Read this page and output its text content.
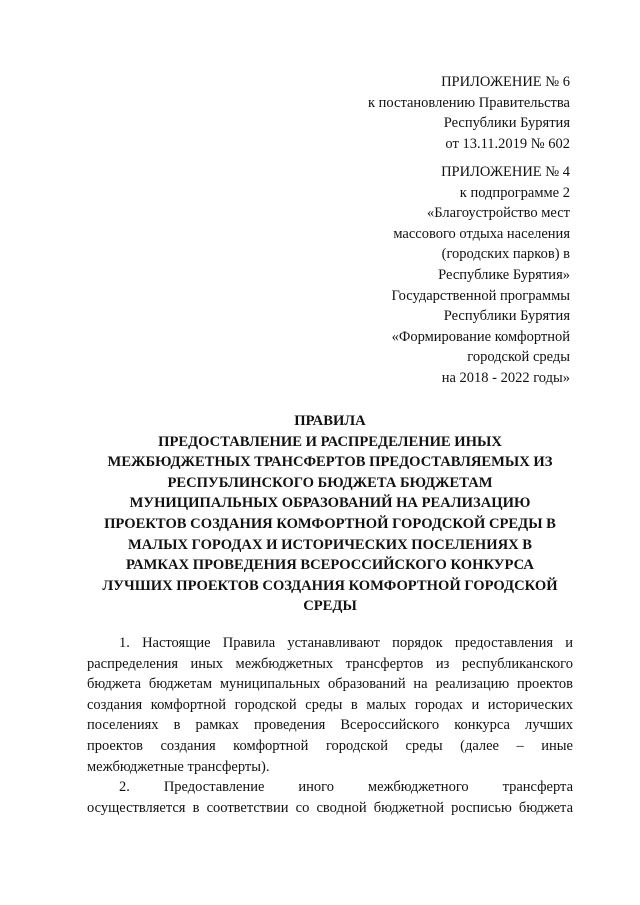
ПРИЛОЖЕНИЕ № 6
к постановлению Правительства
Республики Бурятия
от 13.11.2019 № 602
ПРИЛОЖЕНИЕ № 4
к подпрограмме 2
«Благоустройство мест
массового отдыха населения
(городских парков) в
Республике Бурятия»
Государственной программы
Республики Бурятия
«Формирование комфортной
городской среды
на 2018 - 2022 годы»
ПРАВИЛА
ПРЕДОСТАВЛЕНИЕ И РАСПРЕДЕЛЕНИЕ ИНЫХ
МЕЖБЮДЖЕТНЫХ ТРАНСФЕРТОВ ПРЕДОСТАВЛЯЕМЫХ ИЗ
РЕСПУБЛИНСКОГО БЮДЖЕТА БЮДЖЕТАМ
МУНИЦИПАЛЬНЫХ ОБРАЗОВАНИЙ НА РЕАЛИЗАЦИЮ
ПРОЕКТОВ СОЗДАНИЯ КОМФОРТНОЙ ГОРОДСКОЙ СРЕДЫ В
МАЛЫХ ГОРОДАХ И ИСТОРИЧЕСКИХ ПОСЕЛЕНИЯХ В
РАМКАХ ПРОВЕДЕНИЯ ВСЕРОССИЙСКОГО КОНКУРСА
ЛУЧШИХ ПРОЕКТОВ СОЗДАНИЯ КОМФОРТНОЙ ГОРОДСКОЙ
СРЕДЫ
1. Настоящие Правила устанавливают порядок предоставления и
распределения иных межбюджетных трансфертов из республиканского
бюджета бюджетам муниципальных образований на реализацию проектов
создания комфортной городской среды в малых городах и исторических
поселениях в рамках проведения Всероссийского конкурса лучших
проектов создания комфортной городской среды (далее – иные
межбюджетные трансферты).
2. Предоставление иного межбюджетного трансферта
осуществляется в соответствии со сводной бюджетной росписью бюджета
